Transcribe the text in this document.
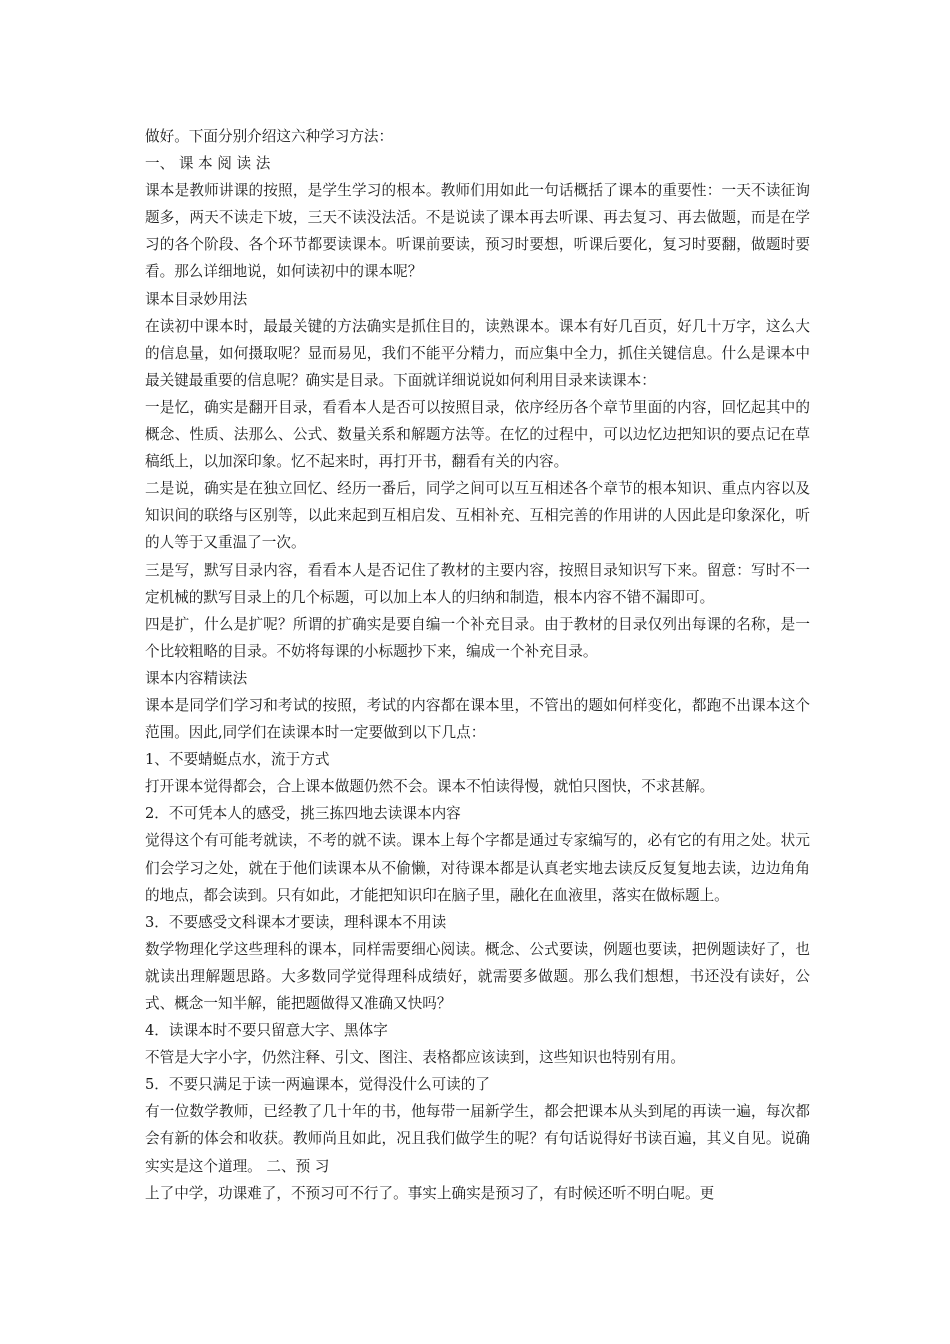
做好。下面分别介绍这六种学习方法：

一、 课 本 阅 读 法

课本是教师讲课的按照，是学生学习的根本。教师们用如此一句话概括了课本的重要性：一天不读征询题多，两天不读走下坡，三天不读没法活。不是说读了课本再去听课、再去复习、再去做题，而是在学习的各个阶段、各个环节都要读课本。听课前要读，预习时要想，听课后要化，复习时要翻，做题时要看。那么详细地说，如何读初中的课本呢？

课本目录妙用法

在读初中课本时，最最关键的方法确实是抓住目的，读熟课本。课本有好几百页，好几十万字，这么大的信息量，如何摄取呢？显而易见，我们不能平分精力，而应集中全力，抓住关键信息。什么是课本中最关键最重要的信息呢？确实是目录。下面就详细说说如何利用目录来读课本：

一是忆，确实是翻开目录，看看本人是否可以按照目录，依序经历各个章节里面的内容，回忆起其中的概念、性质、法那么、公式、数量关系和解题方法等。在忆的过程中，可以边忆边把知识的要点记在草稿纸上，以加深印象。忆不起来时，再打开书，翻看有关的内容。

二是说，确实是在独立回忆、经历一番后，同学之间可以互互相述各个章节的根本知识、重点内容以及知识间的联络与区别等，以此来起到互相启发、互相补充、互相完善的作用讲的人因此是印象深化，听的人等于又重温了一次。

三是写，默写目录内容，看看本人是否记住了教材的主要内容，按照目录知识写下来。留意：写时不一定机械的默写目录上的几个标题，可以加上本人的归纳和制造，根本内容不错不漏即可。

四是扩，什么是扩呢？所谓的扩确实是要自编一个补充目录。由于教材的目录仅列出每课的名称，是一个比较粗略的目录。不妨将每课的小标题抄下来，编成一个补充目录。

课本内容精读法

课本是同学们学习和考试的按照，考试的内容都在课本里，不管出的题如何样变化，都跑不出课本这个范围。因此,同学们在读课本时一定要做到以下几点：

1、不要蜻蜓点水，流于方式

打开课本觉得都会，合上课本做题仍然不会。课本不怕读得慢，就怕只图快，不求甚解。

2．不可凭本人的感受，挑三拣四地去读课本内容

觉得这个有可能考就读，不考的就不读。课本上每个字都是通过专家编写的，必有它的有用之处。状元们会学习之处，就在于他们读课本从不偷懒，对待课本都是认真老实地去读反反复复地去读，边边角角的地点，都会读到。只有如此，才能把知识印在脑子里，融化在血液里，落实在做标题上。

3．不要感受文科课本才要读，理科课本不用读

数学物理化学这些理科的课本，同样需要细心阅读。概念、公式要读，例题也要读，把例题读好了，也就读出理解题思路。大多数同学觉得理科成绩好，就需要多做题。那么我们想想，书还没有读好，公式、概念一知半解，能把题做得又准确又快吗？

4．读课本时不要只留意大字、黑体字

不管是大字小字，仍然注释、引文、图注、表格都应该读到，这些知识也特别有用。

5．不要只满足于读一两遍课本，觉得没什么可读的了

有一位数学教师，已经教了几十年的书，他每带一届新学生，都会把课本从头到尾的再读一遍，每次都会有新的体会和收获。教师尚且如此，况且我们做学生的呢？有句话说得好书读百遍，其义自见。说确实实是这个道理。 二、预 习

上了中学，功课难了，不预习可不行了。事实上确实是预习了，有时候还听不明白呢。更
